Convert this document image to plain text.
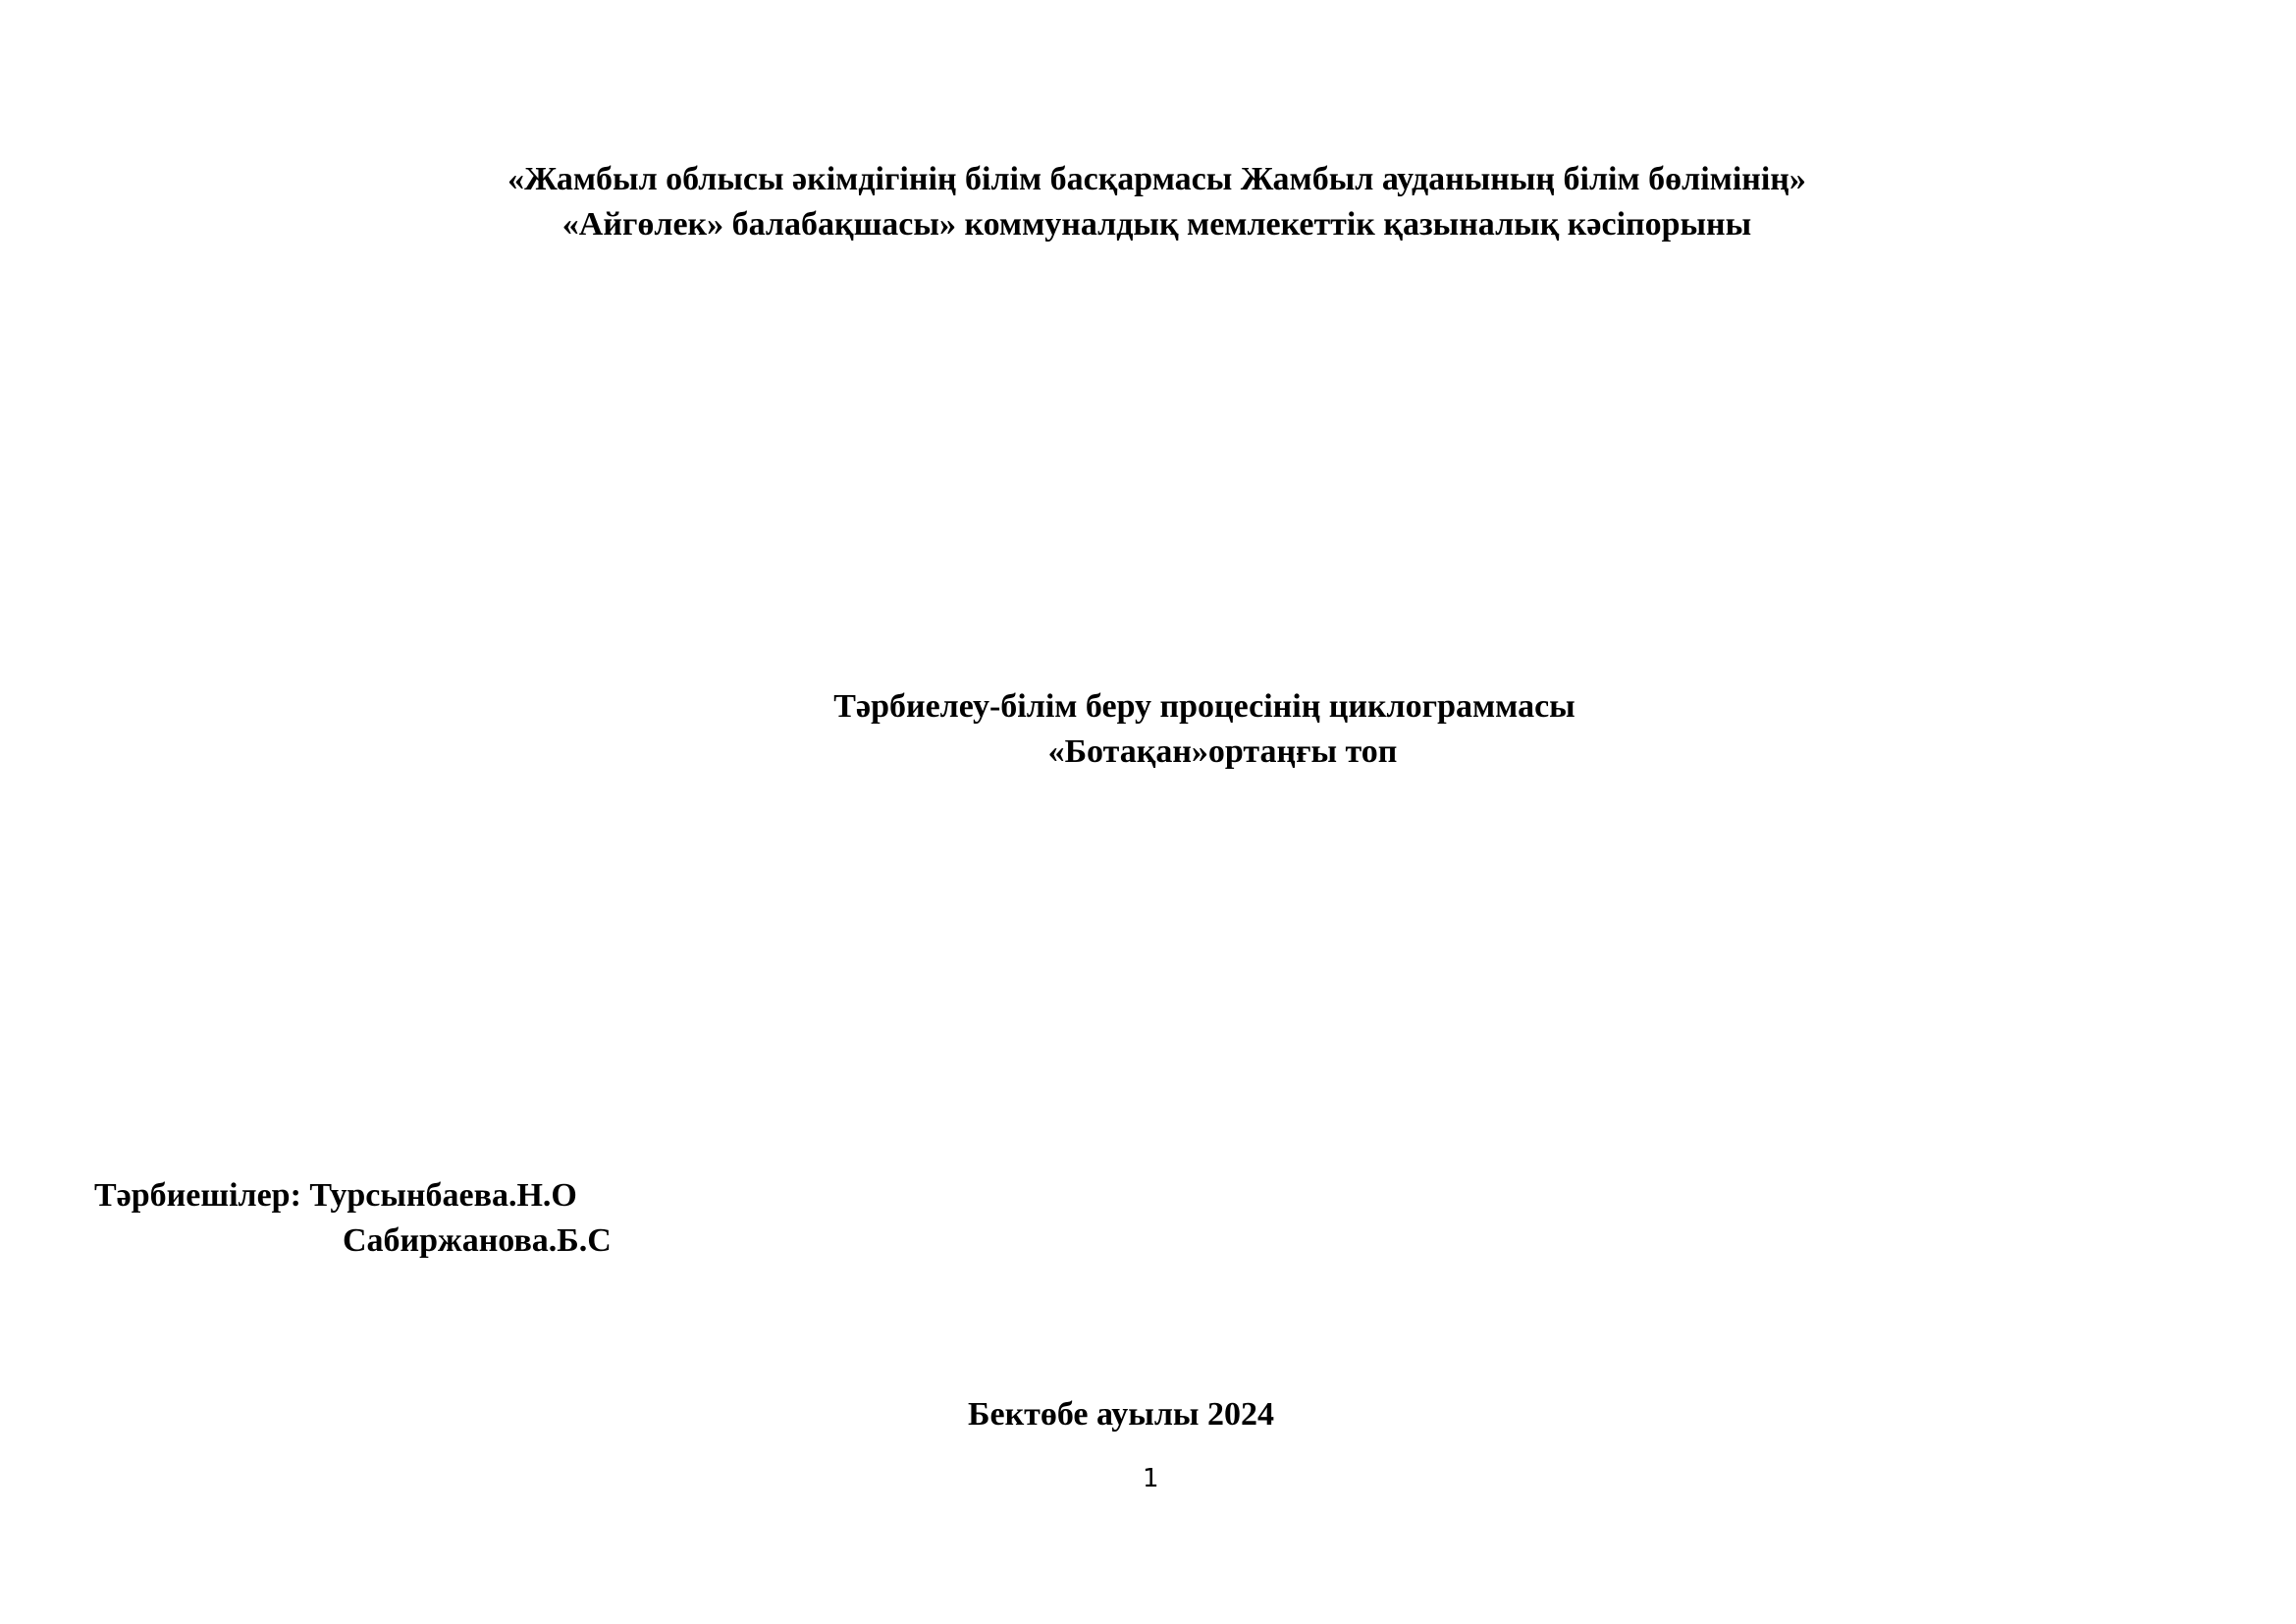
«Жамбыл облысы әкімдігінің білім басқармасы Жамбыл ауданының білім бөлімінің»
«Айгөлек» балабақшасы» коммуналдық мемлекеттік қазыналық кәсіпорыны
Тәрбиелеу-білім беру процесінің циклограммасы
«Ботақан»ортаңғы топ
Тәрбиешілер:
Турсынбаева.Н.О
Сабиржанова.Б.С
Бектөбе ауылы 2024
1
